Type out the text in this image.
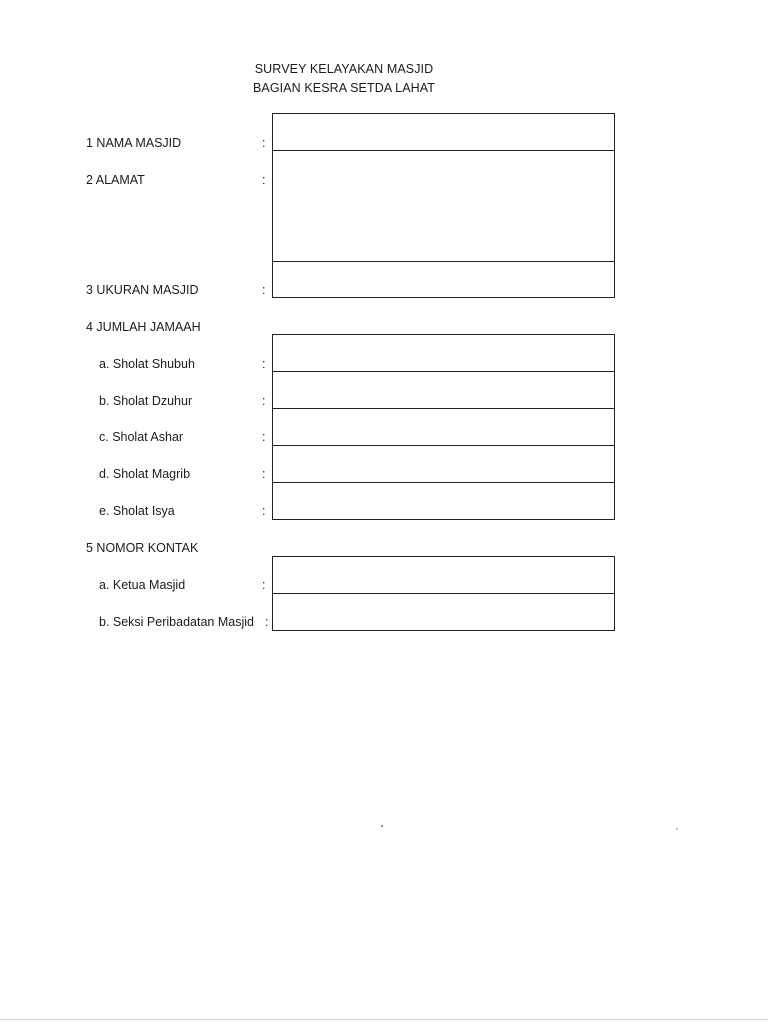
SURVEY KELAYAKAN MASJID
BAGIAN KESRA SETDA LAHAT
1 NAMA MASJID	:
2 ALAMAT	:
3 UKURAN MASJID	:
4 JUMLAH JAMAAH
a. Sholat Shubuh	:
b. Sholat Dzuhur	:
c. Sholat Ashar	:
d. Sholat Magrib	:
e. Sholat Isya	:
5 NOMOR KONTAK
a. Ketua Masjid	:
b. Seksi Peribadatan Masjid :
